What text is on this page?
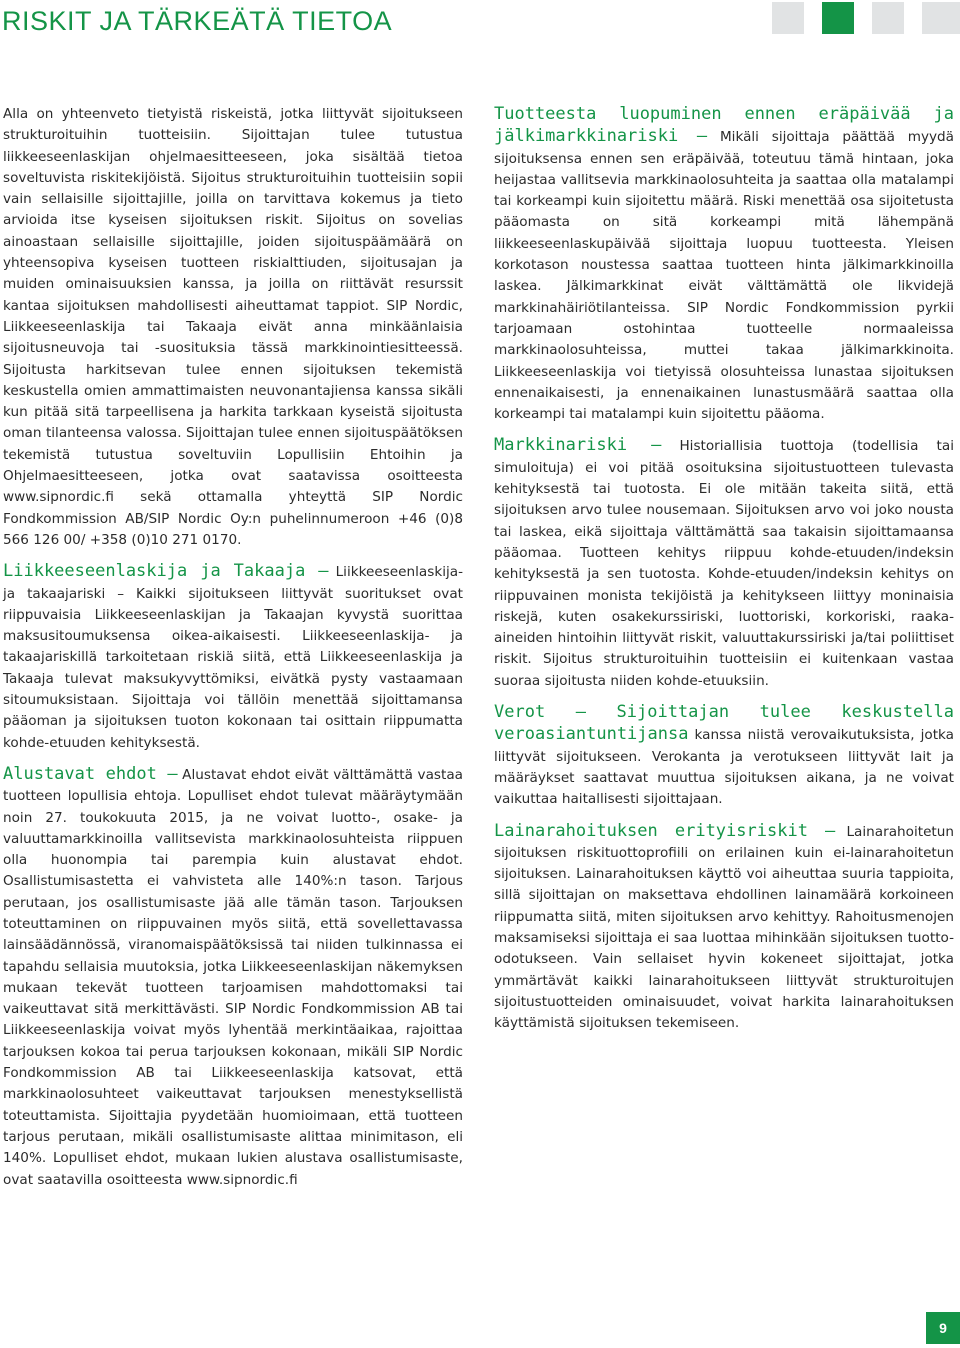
RISKIT JA TÄRKEÄTÄ TIETOA

Alla on yhteenveto tietyistä riskeistä, jotka liittyvät sijoitukseen strukturoituihin tuotteisiin. Sijoittajan tulee tutustua liikkeeseenlaskijan ohjelmaesitteeseen, joka sisältää tietoa soveltuvista riskitekijöistä. Sijoitus strukturoituihin tuotteisiin sopii vain sellaisille sijoittajille, joilla on tarvittava kokemus ja tieto arvioida itse kyseisen sijoituksen riskit. Sijoitus on sovelias ainoastaan sellaisille sijoittajille, joiden sijoituspäämäärä on yhteensopiva kyseisen tuotteen riskialttiuden, sijoitusajan ja muiden ominaisuuksien kanssa, ja joilla on riittävät resurssit kantaa sijoituksen mahdollisesti aiheuttamat tappiot. SIP Nordic, Liikkeeseenlaskija tai Takaaja eivät anna minkäänlaisia sijoitusneuvoja tai -suosituksia tässä markkinointiesitteessä. Sijoitusta harkitsevan tulee ennen sijoituksen tekemistä keskustella omien ammattimaisten neuvonantajiensa kanssa sikäli kun pitää sitä tarpeellisena ja harkita tarkkaan kyseistä sijoitusta oman tilanteensa valossa. Sijoittajan tulee ennen sijoituspäätöksen tekemistä tutustua soveltuviin Lopullisiin Ehtoihin ja Ohjelmaesitteeseen, jotka ovat saatavissa osoitteesta www.sipnordic.fi sekä ottamalla yhteyttä SIP Nordic Fondkommission AB/SIP Nordic Oy:n puhelinnumeroon +46 (0)8 566 126 00/ +358 (0)10 271 0170.

Liikkeeseenlaskija ja Takaaja – Liikkeeseenlaskija- ja takaajariski – Kaikki sijoitukseen liittyvät suoritukset ovat riippuvaisia Liikkeeseenlaskijan ja Takaajan kyvystä suorittaa maksusitoumuksensa oikea-aikaisesti. Liikkeeseenlaskija- ja takaajariskillä tarkoitetaan riskiä siitä, että Liikkeeseenlaskija ja Takaaja tulevat maksukyvyttömiksi, eivätkä pysty vastaamaan sitoumuksistaan. Sijoittaja voi tällöin menettää sijoittamansa pääoman ja sijoituksen tuoton kokonaan tai osittain riippumatta kohde-etuuden kehityksestä.

Alustavat ehdot – Alustavat ehdot eivät välttämättä vastaa tuotteen lopullisia ehtoja. Lopulliset ehdot tulevat määräytymään noin 27. toukokuuta 2015, ja ne voivat luotto-, osake- ja valuuttamarkkinoilla vallitsevista markkinaolosuhteista riippuen olla huonompia tai parempia kuin alustavat ehdot. Osallistumisastetta ei vahvisteta alle 140%:n tason. Tarjous perutaan, jos osallistumisaste jää alle tämän tason. Tarjouksen toteuttaminen on riippuvainen myös siitä, että sovellettavassa lainsäädännössä, viranomaispäätöksissä tai niiden tulkinnassa ei tapahdu sellaisia muutoksia, jotka Liikkeeseenlaskijan näkemyksen mukaan tekevät tuotteen tarjoamisen mahdottomaksi tai vaikeuttavat sitä merkittävästi. SIP Nordic Fondkommission AB tai Liikkeeseenlaskija voivat myös lyhentää merkintäaikaa, rajoittaa tarjouksen kokoa tai perua tarjouksen kokonaan, mikäli SIP Nordic Fondkommission AB tai Liikkeeseenlaskija katsovat, että markkinaolosuhteet vaikeuttavat tarjouksen menestyksellistä toteuttamista. Sijoittajia pyydetään huomioimaan, että tuotteen tarjous perutaan, mikäli osallistumisaste alittaa minimitason, eli 140%. Lopulliset ehdot, mukaan lukien alustava osallistumisaste, ovat saatavilla osoitteesta www.sipnordic.fi

Tuotteesta luopuminen ennen eräpäivää ja jälkimarkkinariski – Mikäli sijoittaja päättää myydä sijoituksensa ennen sen eräpäivää, toteutuu tämä hintaan, joka heijastaa vallitsevia markkinaolosuhteita ja saattaa olla matalampi tai korkeampi kuin sijoitettu määrä. Riski menettää osa sijoitetusta pääomasta on sitä korkeampi mitä lähempänä liikkeeseenlaskupäivää sijoittaja luopuu tuotteesta. Yleisen korkotason noustessa saattaa tuotteen hinta jälkimarkkinoilla laskea. Jälkimarkkinat eivät välttämättä ole likvidejä markkinahäiriötilanteissa. SIP Nordic Fondkommission pyrkii tarjoamaan ostohintaa tuotteelle normaaleissa markkinaolosuhteissa, muttei takaa jälkimarkkinoita. Liikkeeseenlaskija voi tietyissä olosuhteissa lunastaa sijoituksen ennenaikaisesti, ja ennenaikainen lunastusmäärä saattaa olla korkeampi tai matalampi kuin sijoitettu pääoma.

Markkinariski – Historiallisia tuottoja (todellisia tai simuloituja) ei voi pitää osoituksina sijoitustuotteen tulevasta kehityksestä tai tuotosta. Ei ole mitään takeita siitä, että sijoituksen arvo tulee nousemaan. Sijoituksen arvo voi joko nousta tai laskea, eikä sijoittaja välttämättä saa takaisin sijoittamaansa pääomaa. Tuotteen kehitys riippuu kohde-etuuden/indeksin kehityksestä ja sen tuotosta. Kohde-etuuden/indeksin kehitys on riippuvainen monista tekijöistä ja kehitykseen liittyy moninaisia riskejä, kuten osakekurssiriski, luottoriski, korkoriski, raaka-aineiden hintoihin liittyvät riskit, valuuttakurssiriski ja/tai poliittiset riskit. Sijoitus strukturoituihin tuotteisiin ei kuitenkaan vastaa suoraa sijoitusta niiden kohde-etuuksiin.

Verot – Sijoittajan tulee keskustella veroasiantuntijansa kanssa niistä verovaikutuksista, jotka liittyvät sijoitukseen. Verokanta ja verotukseen liittyvät lait ja määräykset saattavat muuttua sijoituksen aikana, ja ne voivat vaikuttaa haitallisesti sijoittajaan.

Lainarahoituksen erityisriskit – Lainarahoitetun sijoituksen riskituottoprofiili on erilainen kuin ei-lainarahoitetun sijoituksen. Lainarahoituksen käyttö voi aiheuttaa suuria tappioita, sillä sijoittajan on maksettava ehdollinen lainamäärä korkoineen riippumatta siitä, miten sijoituksen arvo kehittyy. Rahoitusmenojen maksamiseksi sijoittaja ei saa luottaa mihinkään sijoituksen tuotto-odotukseen. Vain sellaiset hyvin kokeneet sijoittajat, jotka ymmärtävät kaikki lainarahoitukseen liittyvät strukturoitujen sijoitustuotteiden ominaisuudet, voivat harkita lainarahoituksen käyttämistä sijoituksen tekemiseen.

9
